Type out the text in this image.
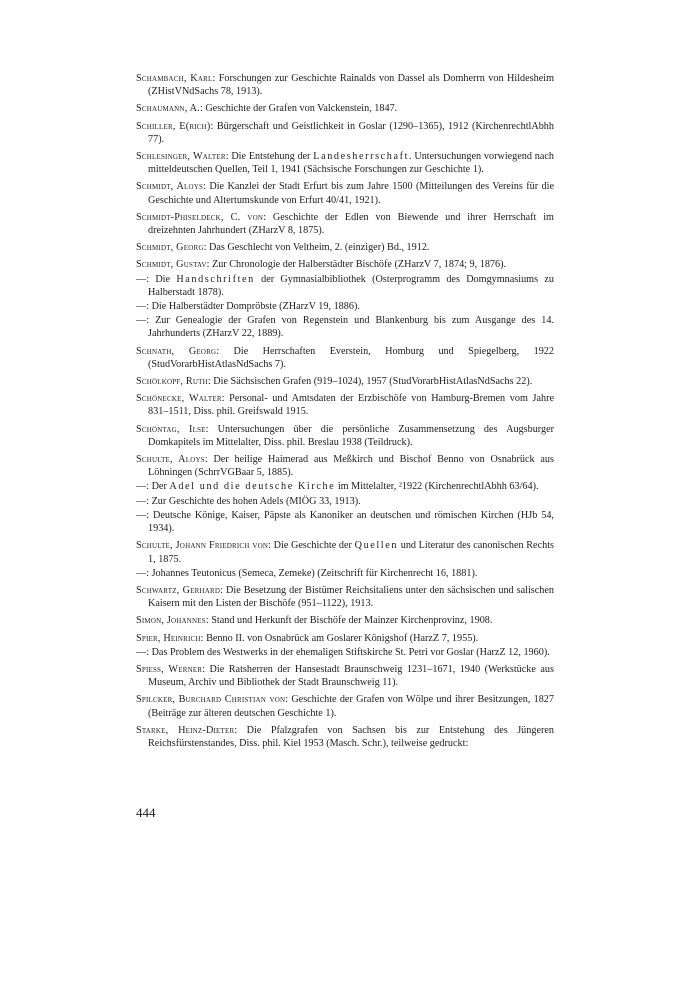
Schambach, Karl: Forschungen zur Geschichte Rainalds von Dassel als Domherrn von Hildesheim (ZHistVNdSachs 78, 1913).

Schaumann, A.: Geschichte der Grafen von Valckenstein, 1847.

Schiller, E(rich): Bürgerschaft und Geistlichkeit in Goslar (1290–1365), 1912 (KirchenrechtlAbhh 77).

Schlesinger, Walter: Die Entstehung der Landesherrschaft. Untersuchungen vorwiegend nach mitteldeutschen Quellen, Teil 1, 1941 (Sächsische Forschungen zur Geschichte 1).

Schmidt, Aloys: Die Kanzlei der Stadt Erfurt bis zum Jahre 1500 (Mitteilungen des Vereins für die Geschichte und Altertumskunde von Erfurt 40/41, 1921).

Schmidt-Phiseldeck, C. von: Geschichte der Edlen von Biewende und ihrer Herrschaft im dreizehnten Jahrhundert (ZHarzV 8, 1875).

Schmidt, Georg: Das Geschlecht von Veltheim, 2. (einziger) Bd., 1912.

Schmidt, Gustav: Zur Chronologie der Halberstädter Bischöfe (ZHarzV 7, 1874; 9, 1876).

—: Die Handschriften der Gymnasialbibliothek (Osterprogramm des Domgymnasiums zu Halberstadt 1878).

—: Die Halberstädter Dompröbste (ZHarzV 19, 1886).

—: Zur Genealogie der Grafen von Regenstein und Blankenburg bis zum Ausgange des 14. Jahrhunderts (ZHarzV 22, 1889).

Schnath, Georg: Die Herrschaften Everstein, Homburg und Spiegelberg, 1922 (StudVorarbHistAtlasNdSachs 7).

Schölkopf, Ruth: Die Sächsischen Grafen (919–1024), 1957 (StudVorarbHistAtlasNdSachs 22).

Schönecke, Walter: Personal- und Amtsdaten der Erzbischöfe von Hamburg-Bremen vom Jahre 831–1511, Diss. phil. Greifswald 1915.

Schöntag, Ilse: Untersuchungen über die persönliche Zusammensetzung des Augsburger Domkapitels im Mittelalter, Diss. phil. Breslau 1938 (Teildruck).

Schulte, Aloys: Der heilige Haimerad aus Meßkirch und Bischof Benno von Osnabrück aus Löhningen (SchrrVGBaar 5, 1885).

—: Der Adel und die deutsche Kirche im Mittelalter, ²1922 (KirchenrechtlAbhh 63/64).

—: Zur Geschichte des hohen Adels (MIÖG 33, 1913).

—: Deutsche Könige, Kaiser, Päpste als Kanoniker an deutschen und römischen Kirchen (HJb 54, 1934).

Schulte, Johann Friedrich von: Die Geschichte der Quellen und Literatur des canonischen Rechts 1, 1875.

—: Johannes Teutonicus (Semeca, Zemeke) (Zeitschrift für Kirchenrecht 16, 1881).

Schwartz, Gerhard: Die Besetzung der Bistümer Reichsitaliens unter den sächsischen und salischen Kaisern mit den Listen der Bischöfe (951–1122), 1913.

Simon, Johannes: Stand und Herkunft der Bischöfe der Mainzer Kirchenprovinz, 1908.

Spier, Heinrich: Benno II. von Osnabrück am Goslarer Königshof (HarzZ 7, 1955).

—: Das Problem des Westwerks in der ehemaligen Stiftskirche St. Petri vor Goslar (HarzZ 12, 1960).

Spiess, Werner: Die Ratsherren der Hansestadt Braunschweig 1231–1671, 1940 (Werkstücke aus Museum, Archiv und Bibliothek der Stadt Braunschweig 11).

Spilcker, Burchard Christian von: Geschichte der Grafen von Wölpe und ihrer Besitzungen, 1827 (Beiträge zur älteren deutschen Geschichte 1).

Starke, Heinz-Dieter: Die Pfalzgrafen von Sachsen bis zur Entstehung des Jüngeren Reichsfürstenstandes, Diss. phil. Kiel 1953 (Masch. Schr.), teilweise gedruckt:

444
